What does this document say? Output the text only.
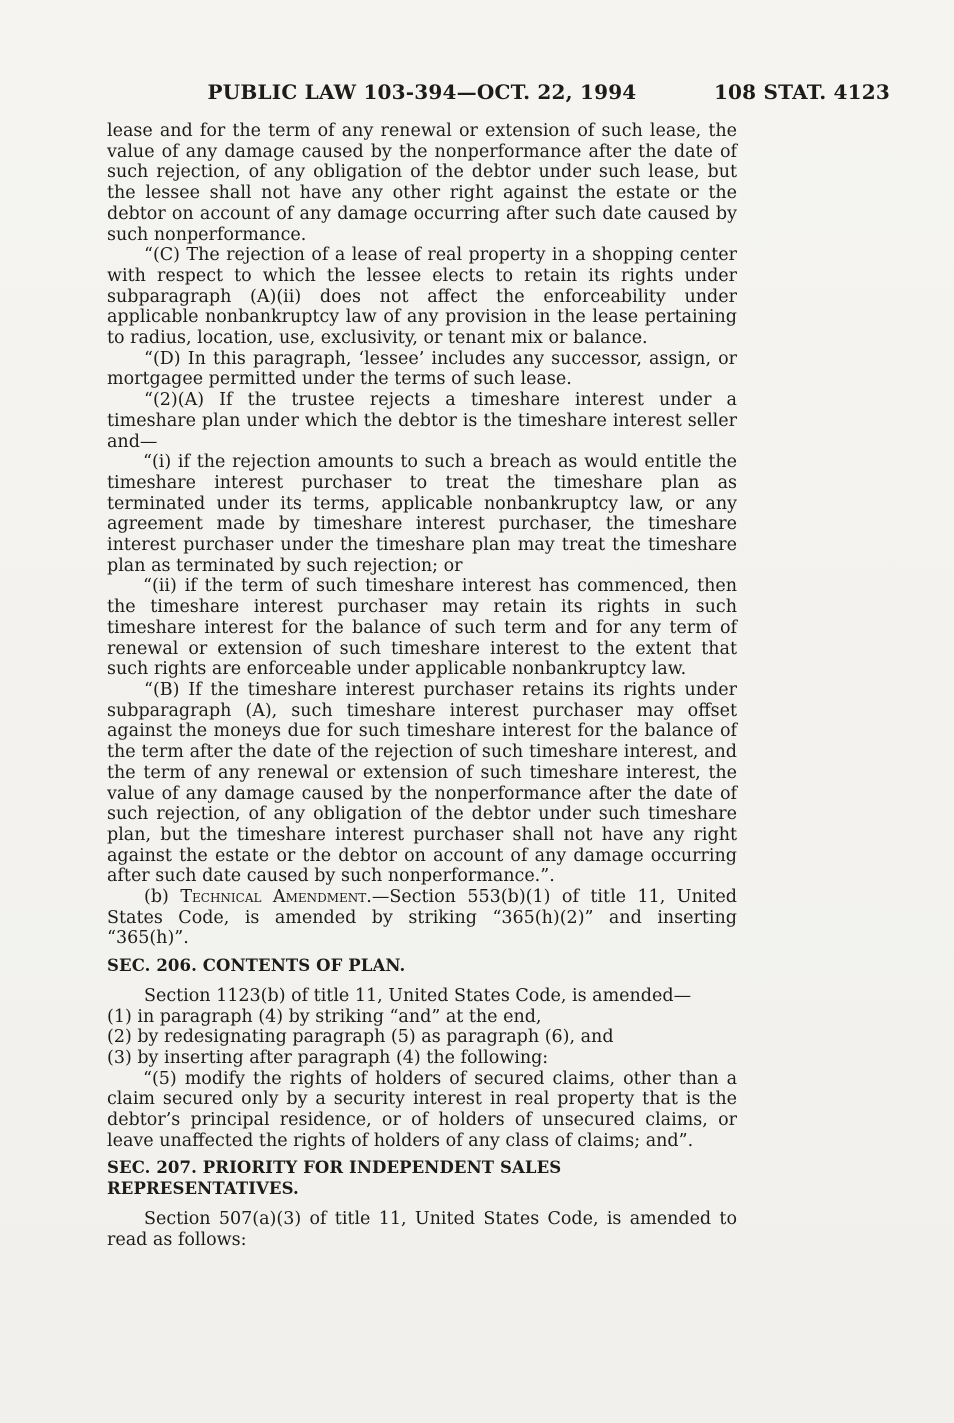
PUBLIC LAW 103-394—OCT. 22, 1994	108 STAT. 4123

lease and for the term of any renewal or extension of such lease, the value of any damage caused by the nonperformance after the date of such rejection, of any obligation of the debtor under such lease, but the lessee shall not have any other right against the estate or the debtor on account of any damage occurring after such date caused by such nonperformance.

“(C) The rejection of a lease of real property in a shopping center with respect to which the lessee elects to retain its rights under subparagraph (A)(ii) does not affect the enforceability under applicable nonbankruptcy law of any provision in the lease pertaining to radius, location, use, exclusivity, or tenant mix or balance.

“(D) In this paragraph, ‘lessee’ includes any successor, assign, or mortgagee permitted under the terms of such lease.

“(2)(A) If the trustee rejects a timeshare interest under a timeshare plan under which the debtor is the timeshare interest seller and—

“(i) if the rejection amounts to such a breach as would entitle the timeshare interest purchaser to treat the timeshare plan as terminated under its terms, applicable nonbankruptcy law, or any agreement made by timeshare interest purchaser, the timeshare interest purchaser under the timeshare plan may treat the timeshare plan as terminated by such rejection; or

“(ii) if the term of such timeshare interest has commenced, then the timeshare interest purchaser may retain its rights in such timeshare interest for the balance of such term and for any term of renewal or extension of such timeshare interest to the extent that such rights are enforceable under applicable nonbankruptcy law.

“(B) If the timeshare interest purchaser retains its rights under subparagraph (A), such timeshare interest purchaser may offset against the moneys due for such timeshare interest for the balance of the term after the date of the rejection of such timeshare interest, and the term of any renewal or extension of such timeshare interest, the value of any damage caused by the nonperformance after the date of such rejection, of any obligation of the debtor under such timeshare plan, but the timeshare interest purchaser shall not have any right against the estate or the debtor on account of any damage occurring after such date caused by such nonperformance.”.

(b) Technical Amendment.—Section 553(b)(1) of title 11, United States Code, is amended by striking “365(h)(2)” and inserting “365(h)”.

SEC. 206. CONTENTS OF PLAN.

Section 1123(b) of title 11, United States Code, is amended—

(1) in paragraph (4) by striking “and” at the end,

(2) by redesignating paragraph (5) as paragraph (6), and

(3) by inserting after paragraph (4) the following:

“(5) modify the rights of holders of secured claims, other than a claim secured only by a security interest in real property that is the debtor’s principal residence, or of holders of unsecured claims, or leave unaffected the rights of holders of any class of claims; and”.

SEC. 207. PRIORITY FOR INDEPENDENT SALES REPRESENTATIVES.

Section 507(a)(3) of title 11, United States Code, is amended to read as follows:
